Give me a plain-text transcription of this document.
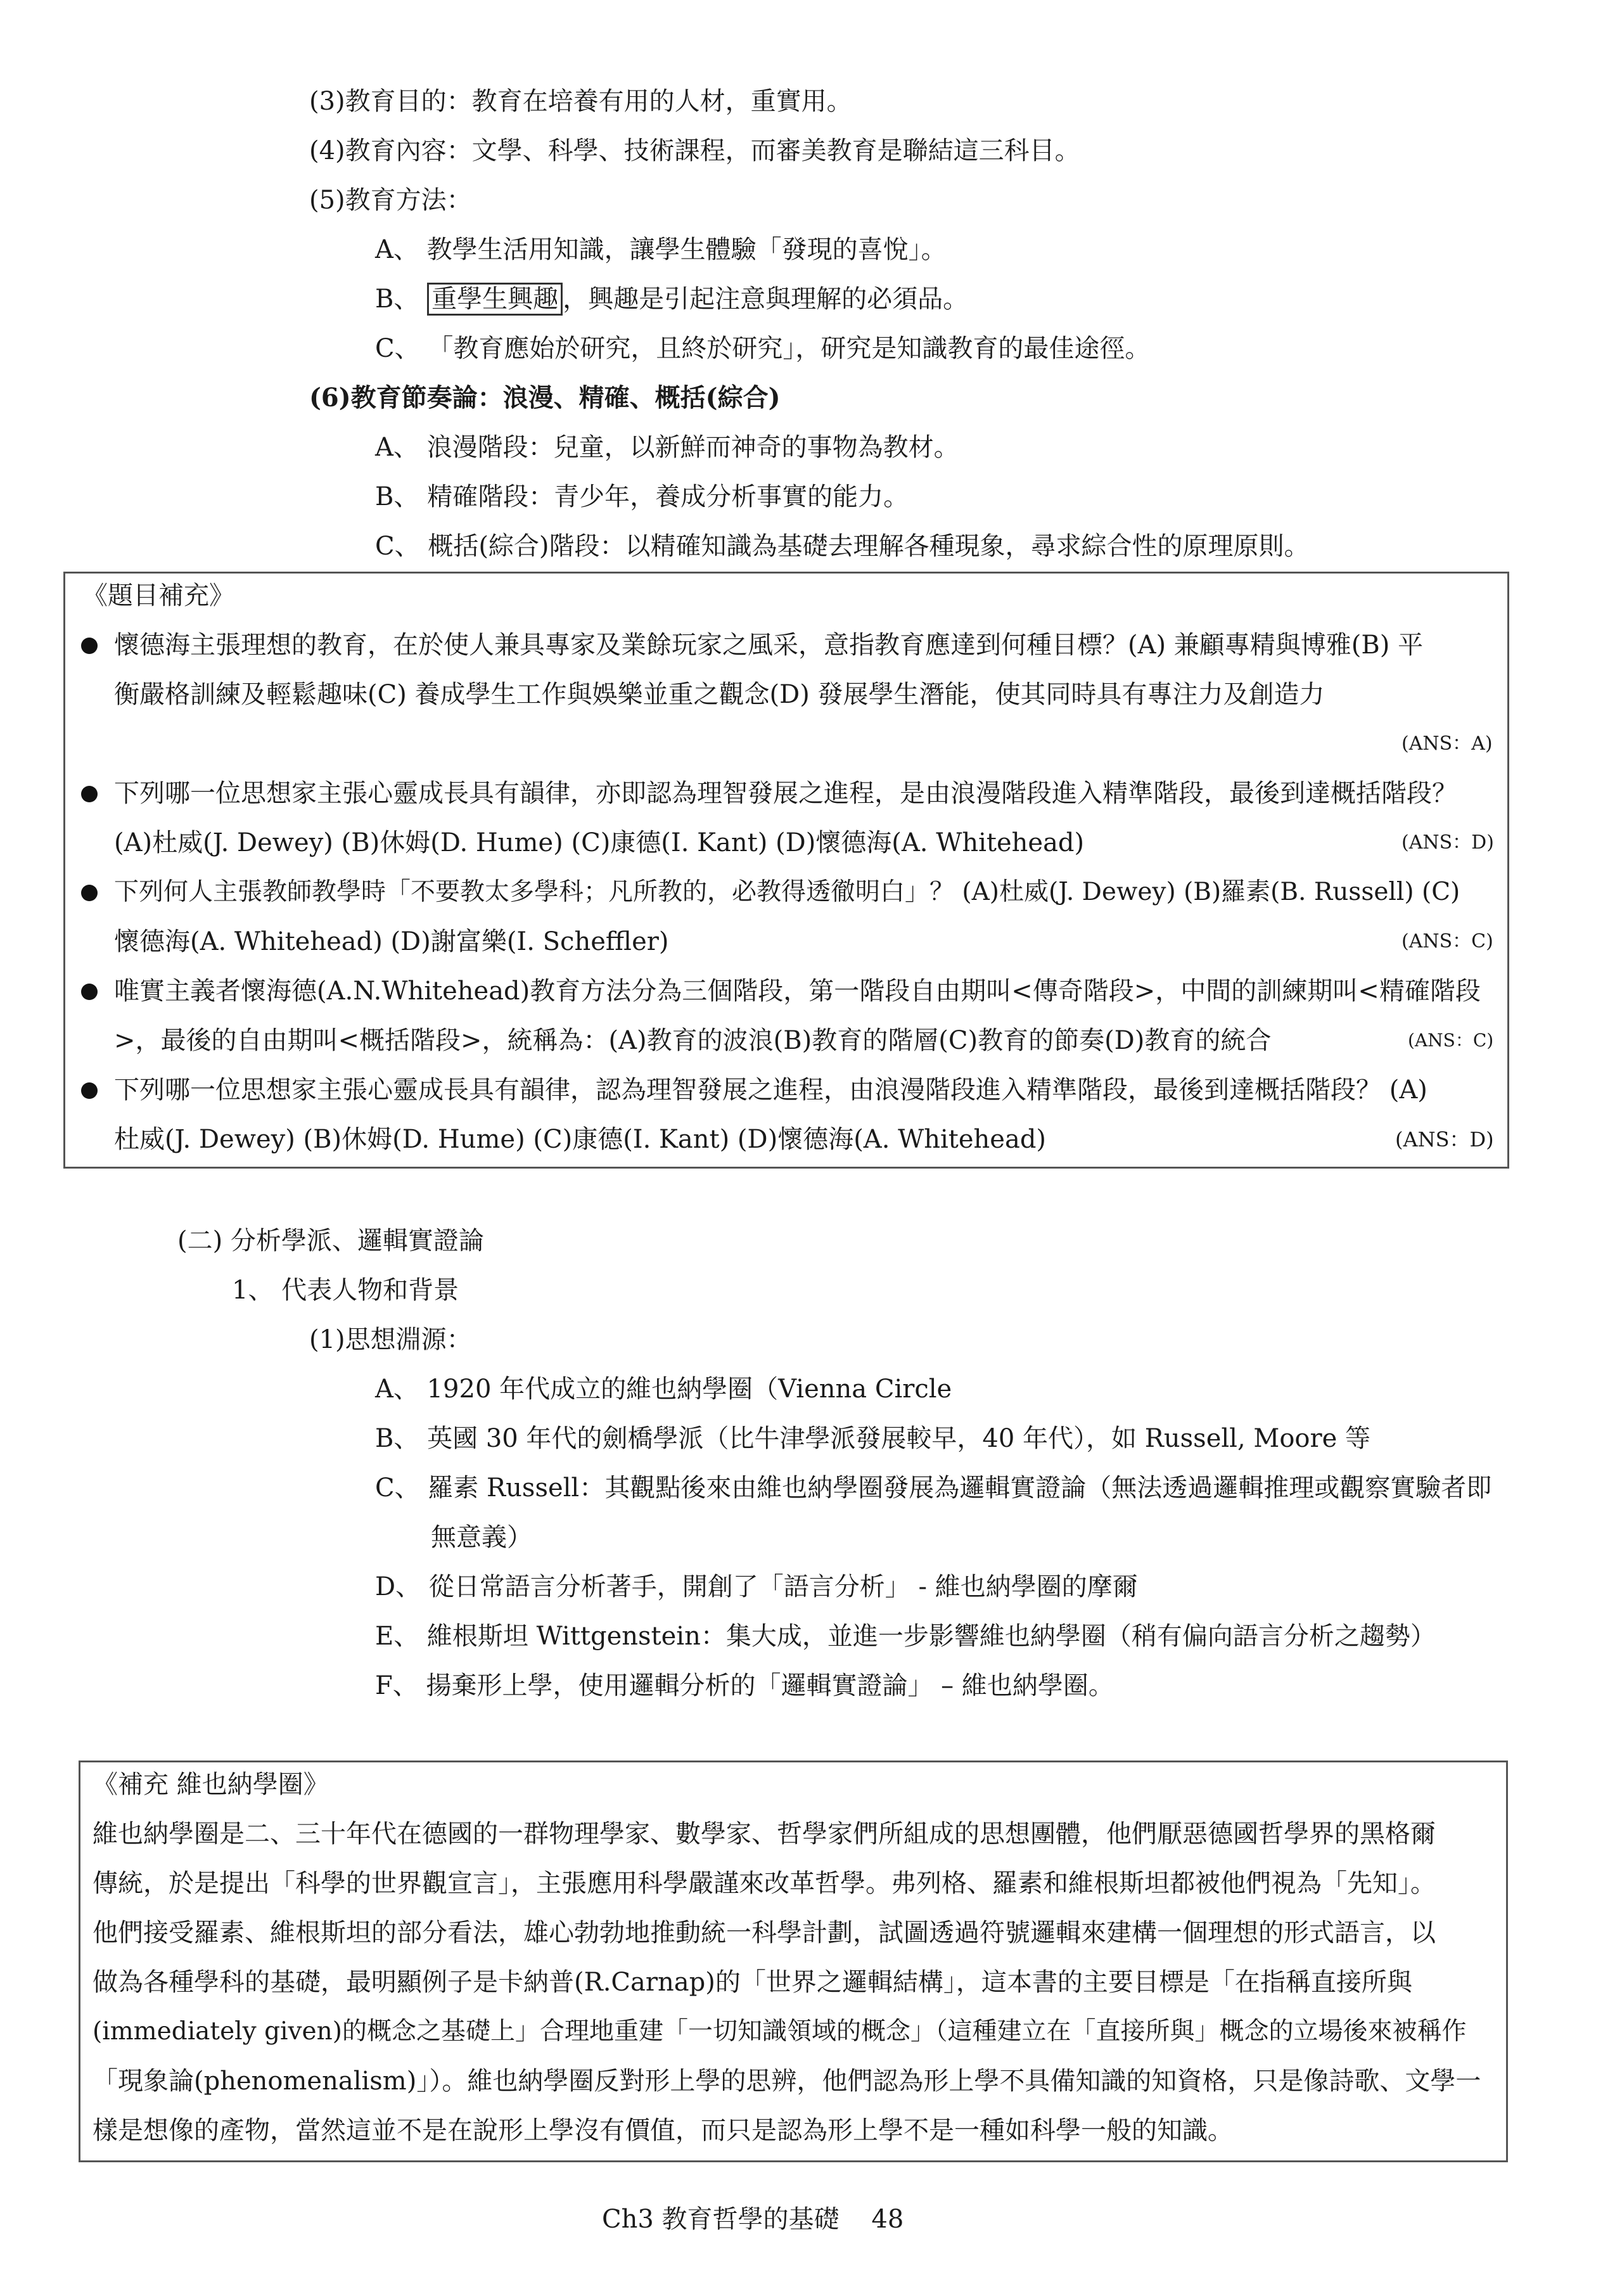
(3)教育目的：教育在培養有用的人材，重實用。
(4)教育內容：文學、科學、技術課程，而審美教育是聯結這三科目。
(5)教育方法：
A、 教學生活用知識，讓學生體驗「發現的喜悅」。
B、 重學生興趣 ，興趣是引起注意與理解的必須品。
C、 「教育應始於研究，且終於研究」，研究是知識教育的最佳途徑。
(6)教育節奏論：浪漫、精確、概括(綜合)
A、 浪漫階段：兒童，以新鮮而神奇的事物為教材。
B、 精確階段：青少年，養成分析事實的能力。
C、 概括(綜合)階段：以精確知識為基礎去理解各種現象，尋求綜合性的原理原則。
《題目補充》
懷德海主張理想的教育，在於使人兼具專家及業餘玩家之風采，意指教育應達到何種目標？(A) 兼顧專精與博雅(B) 平
衡嚴格訓練及輕鬆趣味(C) 養成學生工作與娛樂並重之觀念(D) 發展學生潛能，使其同時具有專注力及創造力
(ANS：A)
下列哪一位思想家主張心靈成長具有韻律，亦即認為理智發展之進程，是由浪漫階段進入精準階段，最後到達概括階段？
(A)杜威(J. Dewey) (B)休姆(D. Hume) (C)康德(I. Kant) (D)懷德海(A. Whitehead)	(ANS：D)
下列何人主張教師教學時「不要教太多學科；凡所教的，必教得透徹明白」？ (A)杜威(J. Dewey) (B)羅素(B. Russell) (C)
懷德海(A. Whitehead) (D)謝富樂(I. Scheffler)	(ANS：C)
唯實主義者懷海德(A.N.Whitehead)教育方法分為三個階段，第一階段自由期叫<傳奇階段>，中間的訓練期叫<精確階段
>，最後的自由期叫<概括階段>，統稱為：(A)教育的波浪(B)教育的階層(C)教育的節奏(D)教育的統合	(ANS：C)
下列哪一位思想家主張心靈成長具有韻律，認為理智發展之進程，由浪漫階段進入精準階段，最後到達概括階段？ (A)
杜威(J. Dewey) (B)休姆(D. Hume) (C)康德(I. Kant) (D)懷德海(A. Whitehead)	(ANS：D)
(二) 分析學派、邏輯實證論
1、 代表人物和背景
(1)思想淵源：
A、 1920 年代成立的維也納學圈（Vienna Circle
B、 英國 30 年代的劍橋學派（比牛津學派發展較早，40 年代），如 Russell, Moore 等
C、 羅素 Russell：其觀點後來由維也納學圈發展為邏輯實證論（無法透過邏輯推理或觀察實驗者即
無意義）
D、 從日常語言分析著手，開創了「語言分析」 - 維也納學圈的摩爾
E、 維根斯坦 Wittgenstein：集大成，並進一步影響維也納學圈（稍有偏向語言分析之趨勢）
F、 揚棄形上學，使用邏輯分析的「邏輯實證論」 – 維也納學圈。
《補充 維也納學圈》
維也納學圈是二、三十年代在德國的一群物理學家、數學家、哲學家們所組成的思想團體，他們厭惡德國哲學界的黑格爾
傳統，於是提出「科學的世界觀宣言」，主張應用科學嚴謹來改革哲學。弗列格、羅素和維根斯坦都被他們視為「先知」。
他們接受羅素、維根斯坦的部分看法，雄心勃勃地推動統一科學計劃，試圖透過符號邏輯來建構一個理想的形式語言，以
做為各種學科的基礎，最明顯例子是卡納普(R.Carnap)的「世界之邏輯結構」，這本書的主要目標是「在指稱直接所與
(immediately given)的概念之基礎上」合理地重建「一切知識領域的概念」（這種建立在「直接所與」概念的立場後來被稱作
「現象論(phenomenalism)」）。維也納學圈反對形上學的思辨，他們認為形上學不具備知識的知資格，只是像詩歌、文學一
樣是想像的產物，當然這並不是在說形上學沒有價值，而只是認為形上學不是一種如科學一般的知識。
Ch3 教育哲學的基礎 48
